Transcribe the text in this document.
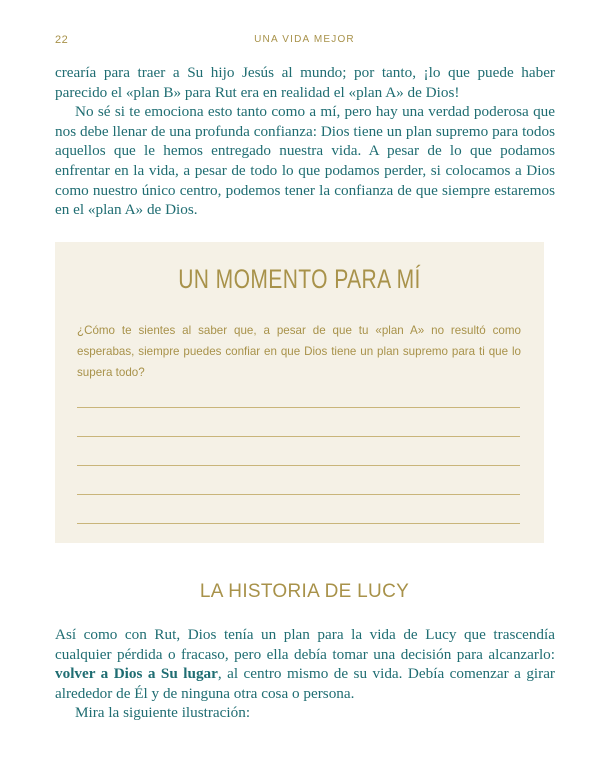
22	UNA VIDA MEJOR

crearía para traer a Su hijo Jesús al mundo; por tanto, ¡lo que puede haber parecido el «plan B» para Rut era en realidad el «plan A» de Dios!

No sé si te emociona esto tanto como a mí, pero hay una verdad poderosa que nos debe llenar de una profunda confianza: Dios tiene un plan supremo para todos aquellos que le hemos entregado nuestra vida. A pesar de lo que podamos enfrentar en la vida, a pesar de todo lo que podamos perder, si colocamos a Dios como nuestro único centro, podemos tener la confianza de que siempre estaremos en el «plan A» de Dios.

UN MOMENTO PARA MÍ
¿Cómo te sientes al saber que, a pesar de que tu «plan A» no resultó como esperabas, siempre puedes confiar en que Dios tiene un plan supremo para ti que lo supera todo?
LA HISTORIA DE LUCY

Así como con Rut, Dios tenía un plan para la vida de Lucy que trascendía cualquier pérdida o fracaso, pero ella debía tomar una decisión para alcanzarlo: volver a Dios a Su lugar, al centro mismo de su vida. Debía comenzar a girar alrededor de Él y de ninguna otra cosa o persona.

Mira la siguiente ilustración:
